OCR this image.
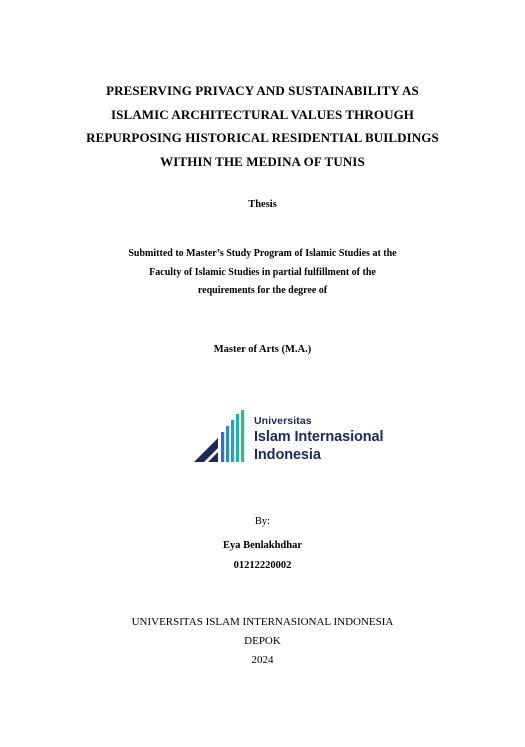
PRESERVING PRIVACY AND SUSTAINABILITY AS
ISLAMIC ARCHITECTURAL VALUES THROUGH
REPURPOSING HISTORICAL RESIDENTIAL BUILDINGS
WITHIN THE MEDINA OF TUNIS
Thesis
Submitted to Master’s Study Program of Islamic Studies at the
Faculty of Islamic Studies in partial fulfillment of the
requirements for the degree of
Master of Arts (M.A.)
Universitas
Islam Internasional
Indonesia
By:
Eya Benlakhdhar
01212220002
UNIVERSITAS ISLAM INTERNASIONAL INDONESIA
DEPOK
2024
